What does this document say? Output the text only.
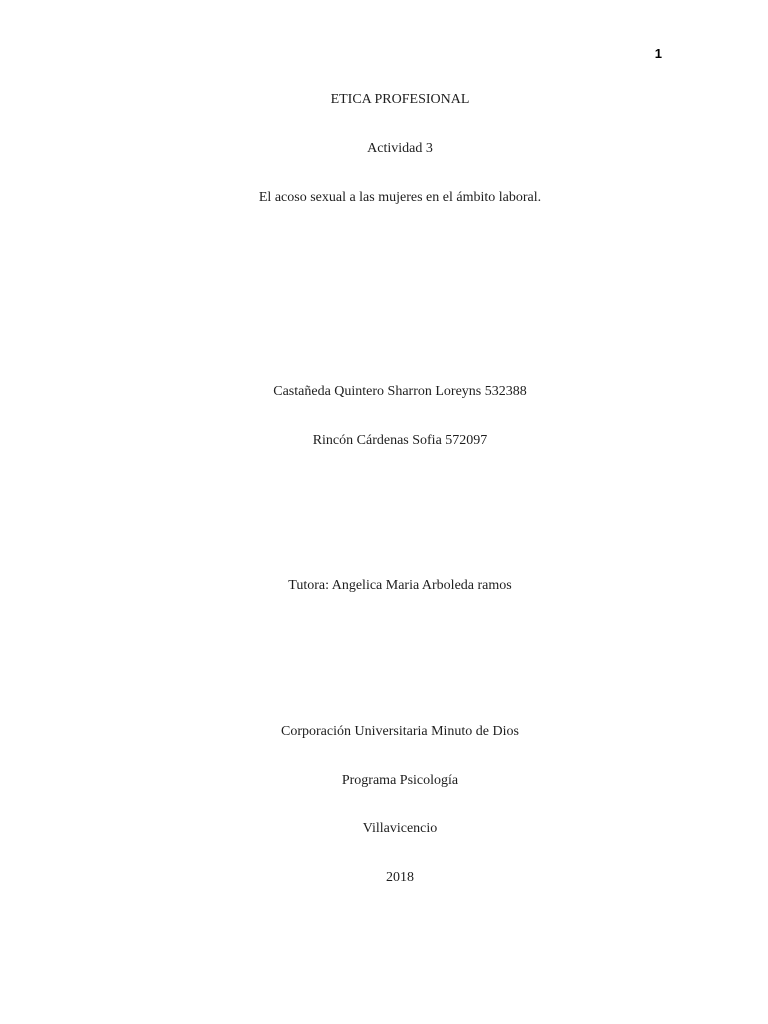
1
ETICA PROFESIONAL
Actividad 3
El acoso sexual a las mujeres en el ámbito laboral.
Castañeda Quintero Sharron Loreyns 532388
Rincón Cárdenas Sofia 572097
Tutora: Angelica Maria Arboleda ramos
Corporación Universitaria Minuto de Dios
Programa Psicología
Villavicencio
2018
